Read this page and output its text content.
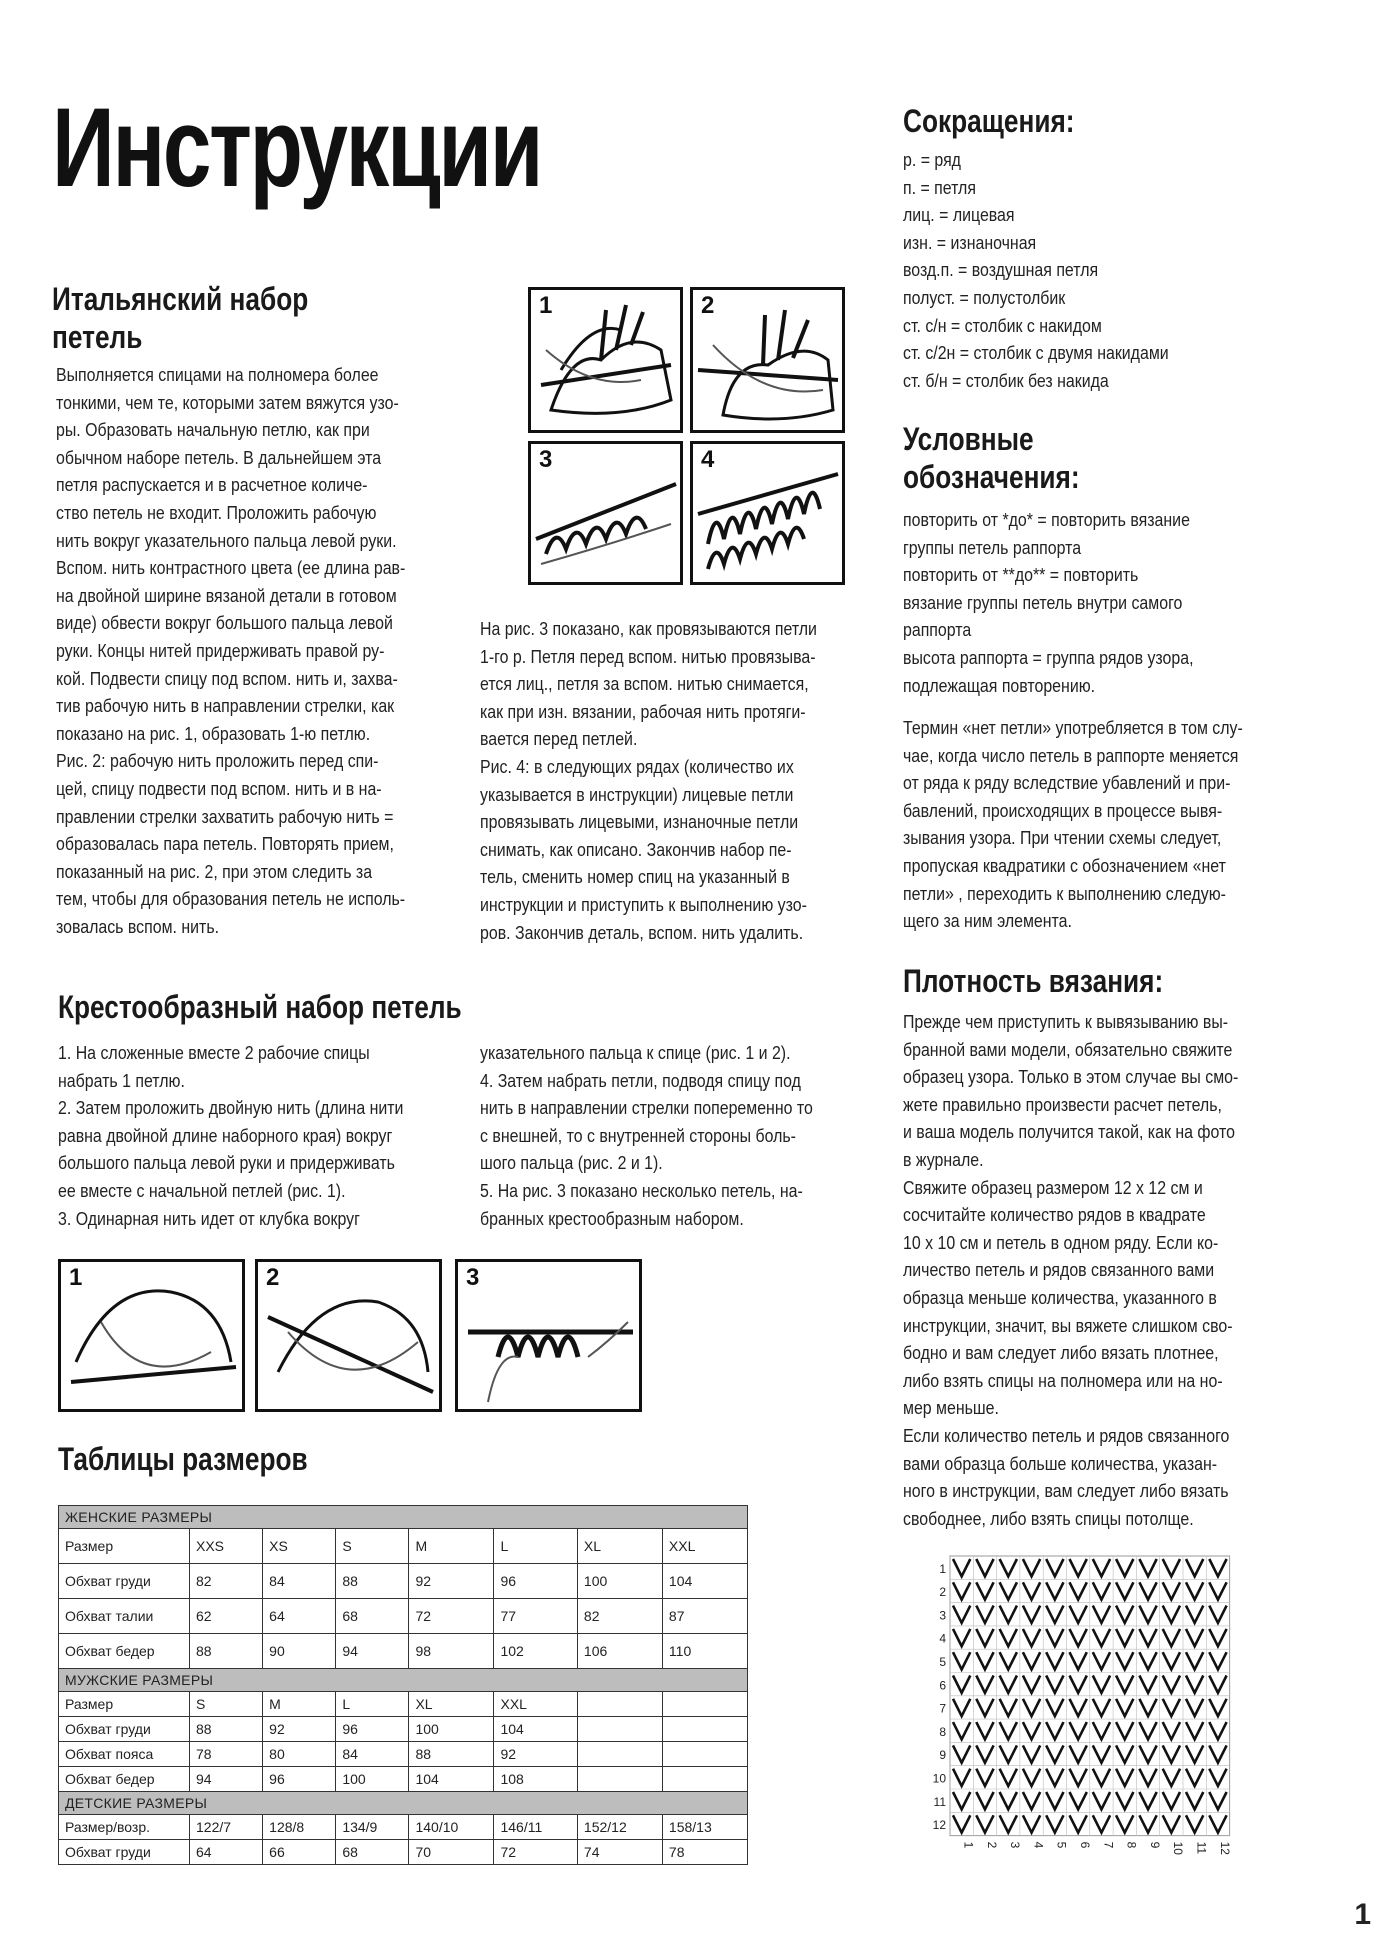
Инструкции
Итальянский набор
петель
Выполняется спицами на полномера более
тонкими, чем те, которыми затем вяжутся узо-
ры. Образовать начальную петлю, как при
обычном наборе петель. В дальнейшем эта
петля распускается и в расчетное количе-
ство петель не входит. Проложить рабочую
нить вокруг указательного пальца левой руки.
Вспом. нить контрастного цвета (ее длина рав-
на двойной ширине вязаной детали в готовом
виде) обвести вокруг большого пальца левой
руки. Концы нитей придерживать правой ру-
кой. Подвести спицу под вспом. нить и, захва-
тив рабочую нить в направлении стрелки, как
показано на рис. 1, образовать 1-ю петлю.
Рис. 2: рабочую нить проложить перед спи-
цей, спицу подвести под вспом. нить и в на-
правлении стрелки захватить рабочую нить =
образовалась пара петель. Повторять прием,
показанный на рис. 2, при этом следить за
тем, чтобы для образования петель не исполь-
зовалась вспом. нить.
1	2
3	4
На рис. 3 показано, как провязываются петли
1-го р. Петля перед вспом. нитью провязыва-
ется лиц., петля за вспом. нитью снимается,
как при изн. вязании, рабочая нить протяги-
вается перед петлей.
Рис. 4: в следующих рядах (количество их
указывается в инструкции) лицевые петли
провязывать лицевыми, изнаночные петли
снимать, как описано. Закончив набор пе-
тель, сменить номер спиц на указанный в
инструкции и приступить к выполнению узо-
ров. Закончив деталь, вспом. нить удалить.
Крестообразный набор петель
1. На сложенные вместе 2 рабочие спицы
набрать 1 петлю.
2. Затем проложить двойную нить (длина нити
равна двойной длине наборного края) вокруг
большого пальца левой руки и придерживать
ее вместе с начальной петлей (рис. 1).
3. Одинарная нить идет от клубка вокруг
указательного пальца к спице (рис. 1 и 2).
4. Затем набрать петли, подводя спицу под
нить в направлении стрелки попеременно то
с внешней, то с внутренней стороны боль-
шого пальца (рис. 2 и 1).
5. На рис. 3 показано несколько петель, на-
бранных крестообразным набором.
1	2	3
Таблицы размеров
ЖЕНСКИЕ РАЗМЕРЫ							
Размер	XXS	XS	S	M	L	XL	XXL
Обхват груди	82	84	88	92	96	100	104
Обхват талии	62	64	68	72	77	82	87
Обхват бедер	88	90	94	98	102	106	110
МУЖСКИЕ РАЗМЕРЫ							
Размер	S	M	L	XL	XXL		
Обхват груди	88	92	96	100	104		
Обхват пояса	78	80	84	88	92		
Обхват бедер	94	96	100	104	108		
ДЕТСКИЕ РАЗМЕРЫ							
Размер/возр.	122/7	128/8	134/9	140/10	146/11	152/12	158/13
Обхват груди	64	66	68	70	72	74	78
Сокращения:
р. = ряд
п. = петля
лиц. = лицевая
изн. = изнаночная
возд.п. = воздушная петля
полуст. = полустолбик
ст. с/н = столбик с накидом
ст. с/2н = столбик с двумя накидами
ст. б/н = столбик без накида
Условные
обозначения:
повторить от *до* = повторить вязание
группы петель раппорта
повторить от **до** = повторить
вязание группы петель внутри самого
раппорта
высота раппорта = группа рядов узора,
подлежащая повторению.
Термин «нет петли» употребляется в том слу-
чае, когда число петель в раппорте меняется
от ряда к ряду вследствие убавлений и при-
бавлений, происходящих в процессе вывя-
зывания узора. При чтении схемы следует,
пропуская квадратики с обозначением «нет
петли» , переходить к выполнению следую-
щего за ним элемента.
Плотность вязания:
Прежде чем приступить к вывязыванию вы-
бранной вами модели, обязательно свяжите
образец узора. Только в этом случае вы смо-
жете правильно произвести расчет петель,
и ваша модель получится такой, как на фото
в журнале.
Свяжите образец размером 12 х 12 см и
сосчитайте количество рядов в квадрате
10 х 10 см и петель в одном ряду. Если ко-
личество петель и рядов связанного вами
образца меньше количества, указанного в
инструкции, значит, вы вяжете слишком сво-
бодно и вам следует либо вязать плотнее,
либо взять спицы на полномера или на но-
мер меньше.
Если количество петель и рядов связанного
вами образца больше количества, указан-
ного в инструкции, вам следует либо вязать
свободнее, либо взять спицы потолще.
1
2
3
4
5
6
7
8
9
10
11
12
1 2 3 4 5 6 7 8 9 10 11 12
1
